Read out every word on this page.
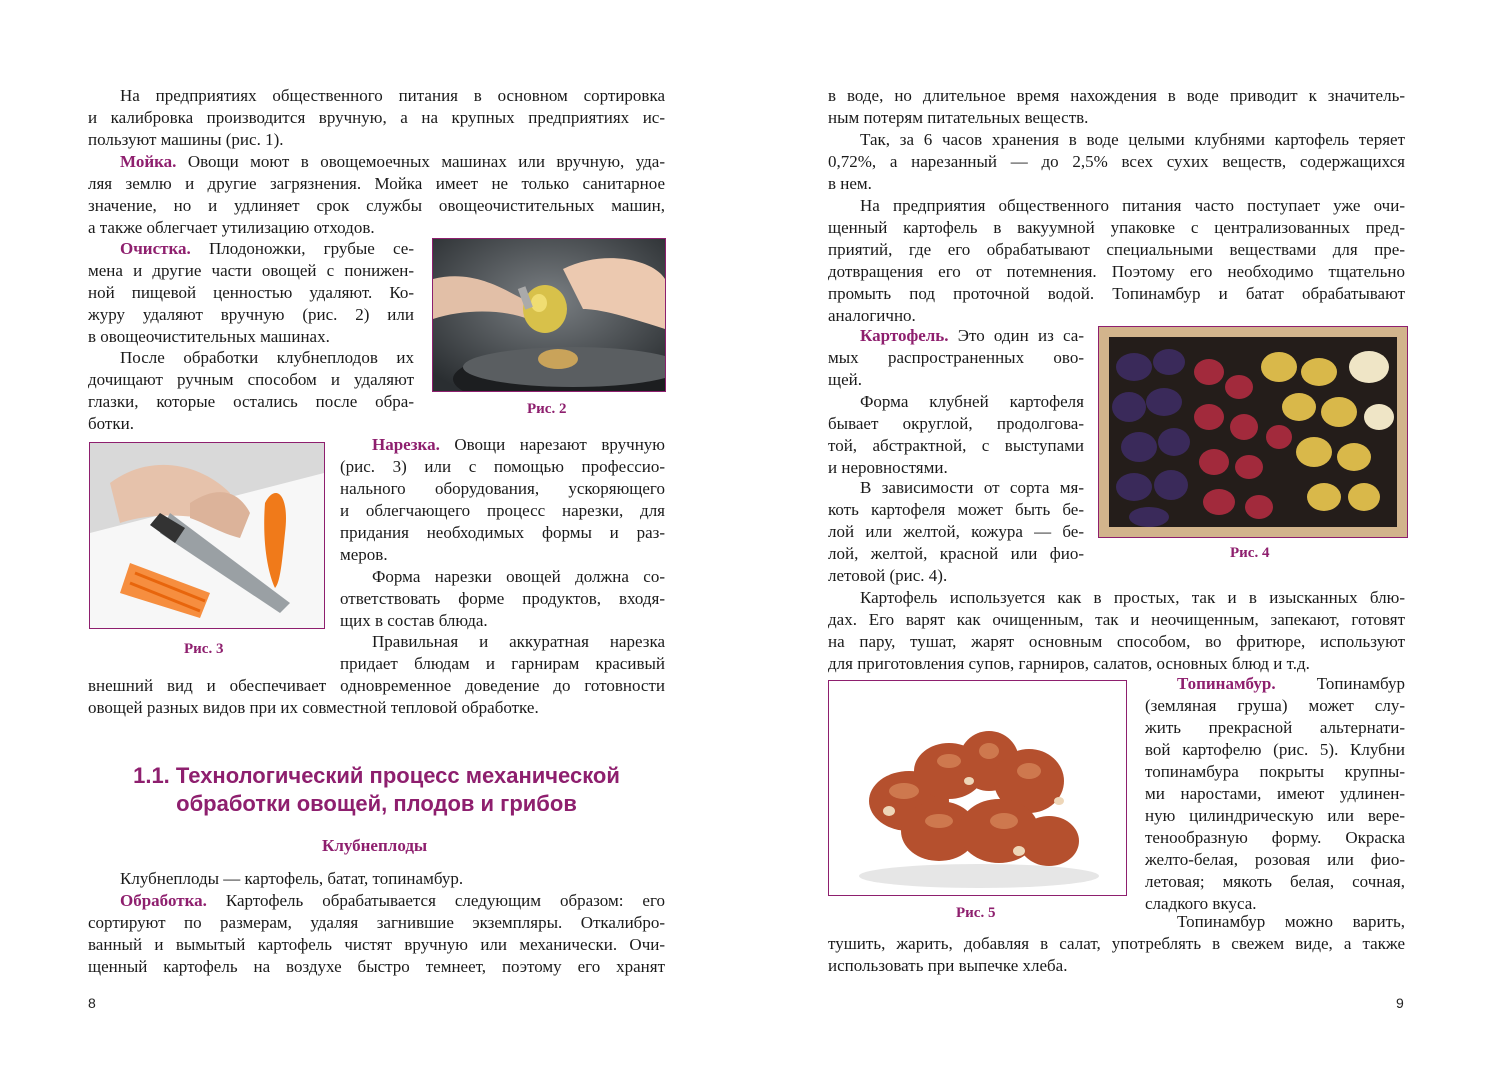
На предприятиях общественного питания в основном сортировка
и калибровка производится вручную, а на крупных предприятиях ис-
пользуют машины (рис. 1).
Мойка. Овощи моют в овощемоечных машинах или вручную, уда-
ляя землю и другие загрязнения. Мойка имеет не только санитарное
значение, но и удлиняет срок службы овощеочистительных машин,
а также облегчает утилизацию отходов.
Очистка. Плодоножки, грубые се-
мена и другие части овощей с понижен-
ной пищевой ценностью удаляют. Ко-
журу удаляют вручную (рис. 2) или
в овощеочистительных машинах.
После обработки клубнеплодов их
дочищают ручным способом и удаляют
глазки, которые остались после обра-
ботки.
Рис. 2
Рис. 3
Нарезка. Овощи нарезают вручную
(рис. 3) или с помощью профессио-
нального оборудования, ускоряющего
и облегчающего процесс нарезки, для
придания необходимых формы и раз-
меров.
Форма нарезки овощей должна со-
ответствовать форме продуктов, входя-
щих в состав блюда.
Правильная и аккуратная нарезка
придает блюдам и гарнирам красивый
внешний вид и обеспечивает одновременное доведение до готовности
овощей разных видов при их совместной тепловой обработке.
1.1. Технологический процесс механической
обработки овощей, плодов и грибов
Клубнеплоды
Клубнеплоды — картофель, батат, топинамбур.
Обработка. Картофель обрабатывается следующим образом: его
сортируют по размерам, удаляя загнившие экземпляры. Откалибро-
ванный и вымытый картофель чистят вручную или механически. Очи-
щенный картофель на воздухе быстро темнеет, поэтому его хранят
8
в воде, но длительное время нахождения в воде приводит к значитель-
ным потерям питательных веществ.
Так, за 6 часов хранения в воде целыми клубнями картофель теряет
0,72%, а нарезанный — до 2,5% всех сухих веществ, содержащихся
в нем.
На предприятия общественного питания часто поступает уже очи-
щенный картофель в вакуумной упаковке с централизованных пред-
приятий, где его обрабатывают специальными веществами для пре-
дотвращения его от потемнения. Поэтому его необходимо тщательно
промыть под проточной водой. Топинамбур и батат обрабатывают
аналогично.
Картофель. Это один из са-
мых распространенных ово-
щей.
Форма клубней картофеля
бывает округлой, продолгова-
той, абстрактной, с выступами
и неровностями.
В зависимости от сорта мя-
коть картофеля может быть бе-
лой или желтой, кожура — бе-
лой, желтой, красной или фио-
летовой (рис. 4).
Рис. 4
Картофель используется как в простых, так и в изысканных блю-
дах. Его варят как очищенным, так и неочищенным, запекают, готовят
на пару, тушат, жарят основным способом, во фритюре, используют
для приготовления супов, гарниров, салатов, основных блюд и т.д.
Рис. 5
Топинамбур. Топинамбур
(земляная груша) может слу-
жить прекрасной альтернати-
вой картофелю (рис. 5). Клубни
топинамбура покрыты крупны-
ми наростами, имеют удлинен-
ную цилиндрическую или вере-
тенообразную форму. Окраска
желто-белая, розовая или фио-
летовая; мякоть белая, сочная,
сладкого вкуса.
Топинамбур можно варить,
тушить, жарить, добавляя в салат, употреблять в свежем виде, а также
использовать при выпечке хлеба.
9
